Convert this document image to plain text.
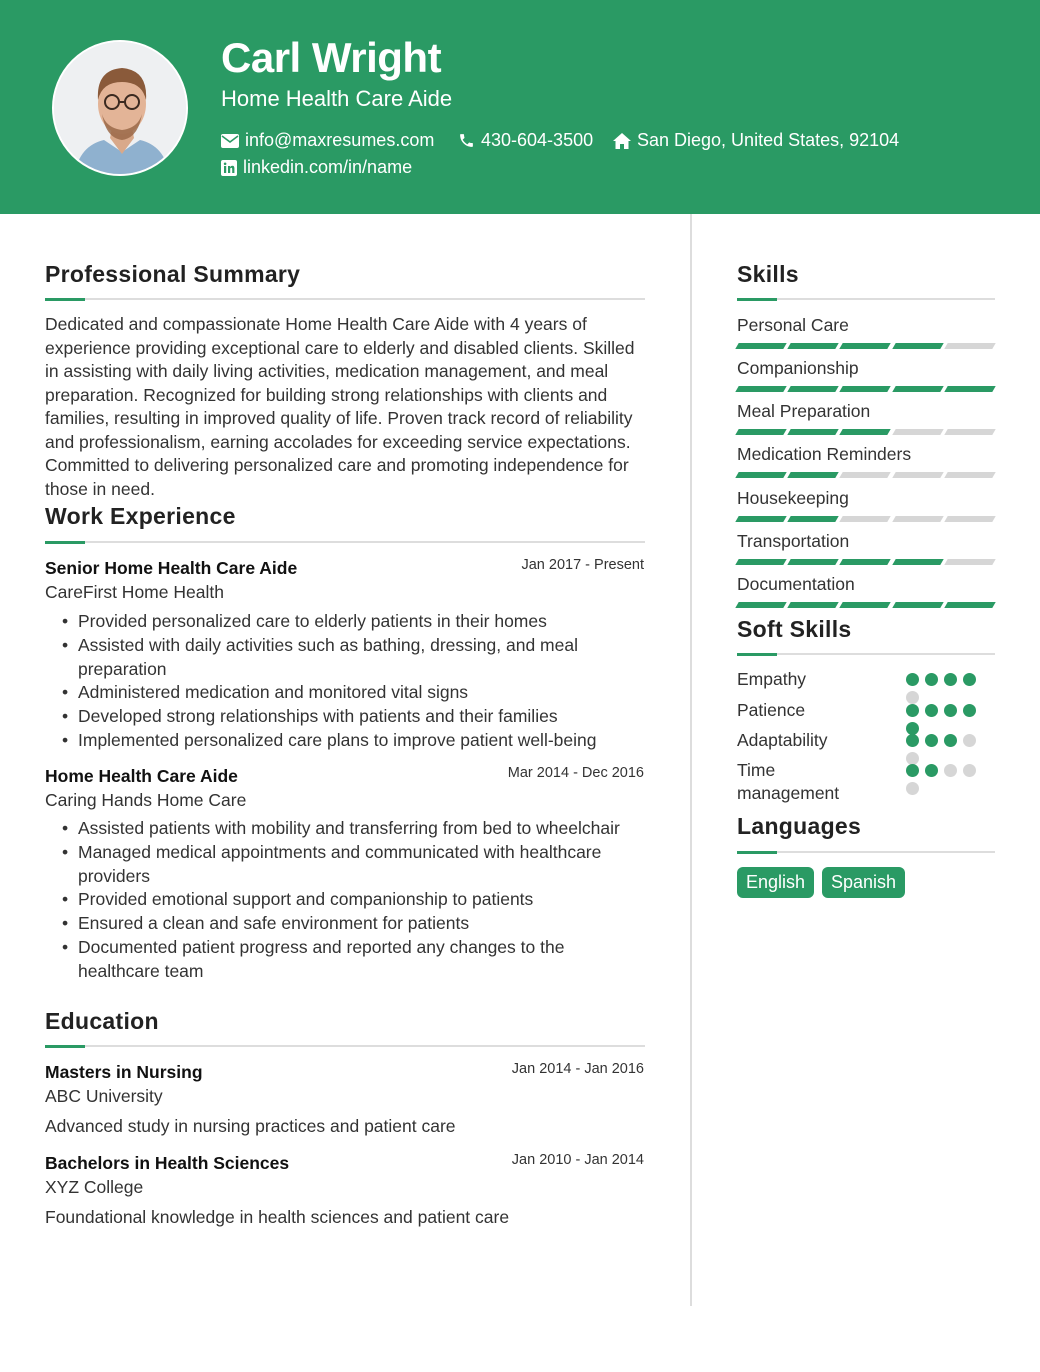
Carl Wright
Home Health Care Aide
info@maxresumes.com	430-604-3500 San Diego, United States, 92104
linkedin.com/in/name
Professional Summary
Dedicated and compassionate Home Health Care Aide with 4 years of experience providing exceptional care to elderly and disabled clients. Skilled in assisting with daily living activities, medication management, and meal preparation. Recognized for building strong relationships with clients and families, resulting in improved quality of life. Proven track record of reliability and professionalism, earning accolades for exceeding service expectations. Committed to delivering personalized care and promoting independence for those in need.
Work Experience
Senior Home Health Care Aide	Jan 2017 - Present
CareFirst Home Health
• Provided personalized care to elderly patients in their homes
• Assisted with daily activities such as bathing, dressing, and meal preparation
• Administered medication and monitored vital signs
• Developed strong relationships with patients and their families
• Implemented personalized care plans to improve patient well-being
Home Health Care Aide	Mar 2014 - Dec 2016
Caring Hands Home Care
• Assisted patients with mobility and transferring from bed to wheelchair
• Managed medical appointments and communicated with healthcare providers
• Provided emotional support and companionship to patients
• Ensured a clean and safe environment for patients
• Documented patient progress and reported any changes to the healthcare team
Education
Masters in Nursing	Jan 2014 - Jan 2016
ABC University
Advanced study in nursing practices and patient care
Bachelors in Health Sciences	Jan 2010 - Jan 2014
XYZ College
Foundational knowledge in health sciences and patient care
Skills
Personal Care
Companionship
Meal Preparation
Medication Reminders
Housekeeping
Transportation
Documentation
Soft Skills
Empathy
Patience
Adaptability
Time management
Languages
English	Spanish
